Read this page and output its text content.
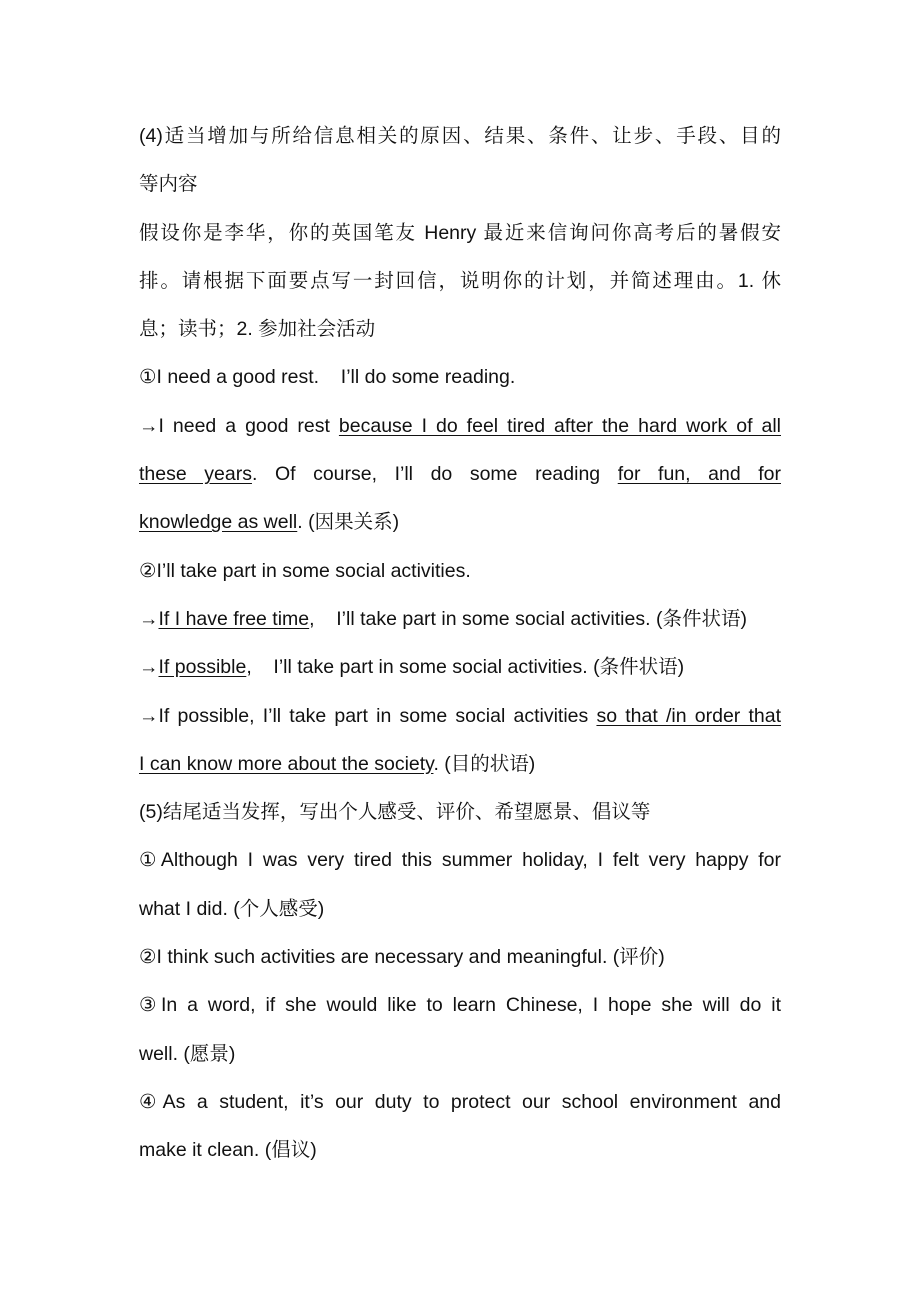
(4)适当增加与所给信息相关的原因、结果、条件、让步、手段、目的
等内容
假设你是李华，你的英国笔友 Henry 最近来信询问你高考后的暑假安
排。请根据下面要点写一封回信，说明你的计划，并简述理由。1. 休
息；读书；2. 参加社会活动
①I need a good rest.    I’ll do some reading.
→I need a good rest because I do feel tired after the hard work of all
these years. Of course, I’ll do some reading for fun, and for
knowledge as well. (因果关系)
②I’ll take part in some social activities.
→If I have free time,    I’ll take part in some social activities. (条件状语)
→If possible,    I’ll take part in some social activities. (条件状语)
→If possible, I’ll take part in some social activities so that /in order that
I can know more about the society. (目的状语)
(5)结尾适当发挥，写出个人感受、评价、希望愿景、倡议等
①Although I was very tired this summer holiday, I felt very happy for
what I did. (个人感受)
②I think such activities are necessary and meaningful. (评价)
③In a word, if she would like to learn Chinese, I hope she will do it
well. (愿景)
④As a student, it’s our duty to protect our school environment and
make it clean. (倡议)
